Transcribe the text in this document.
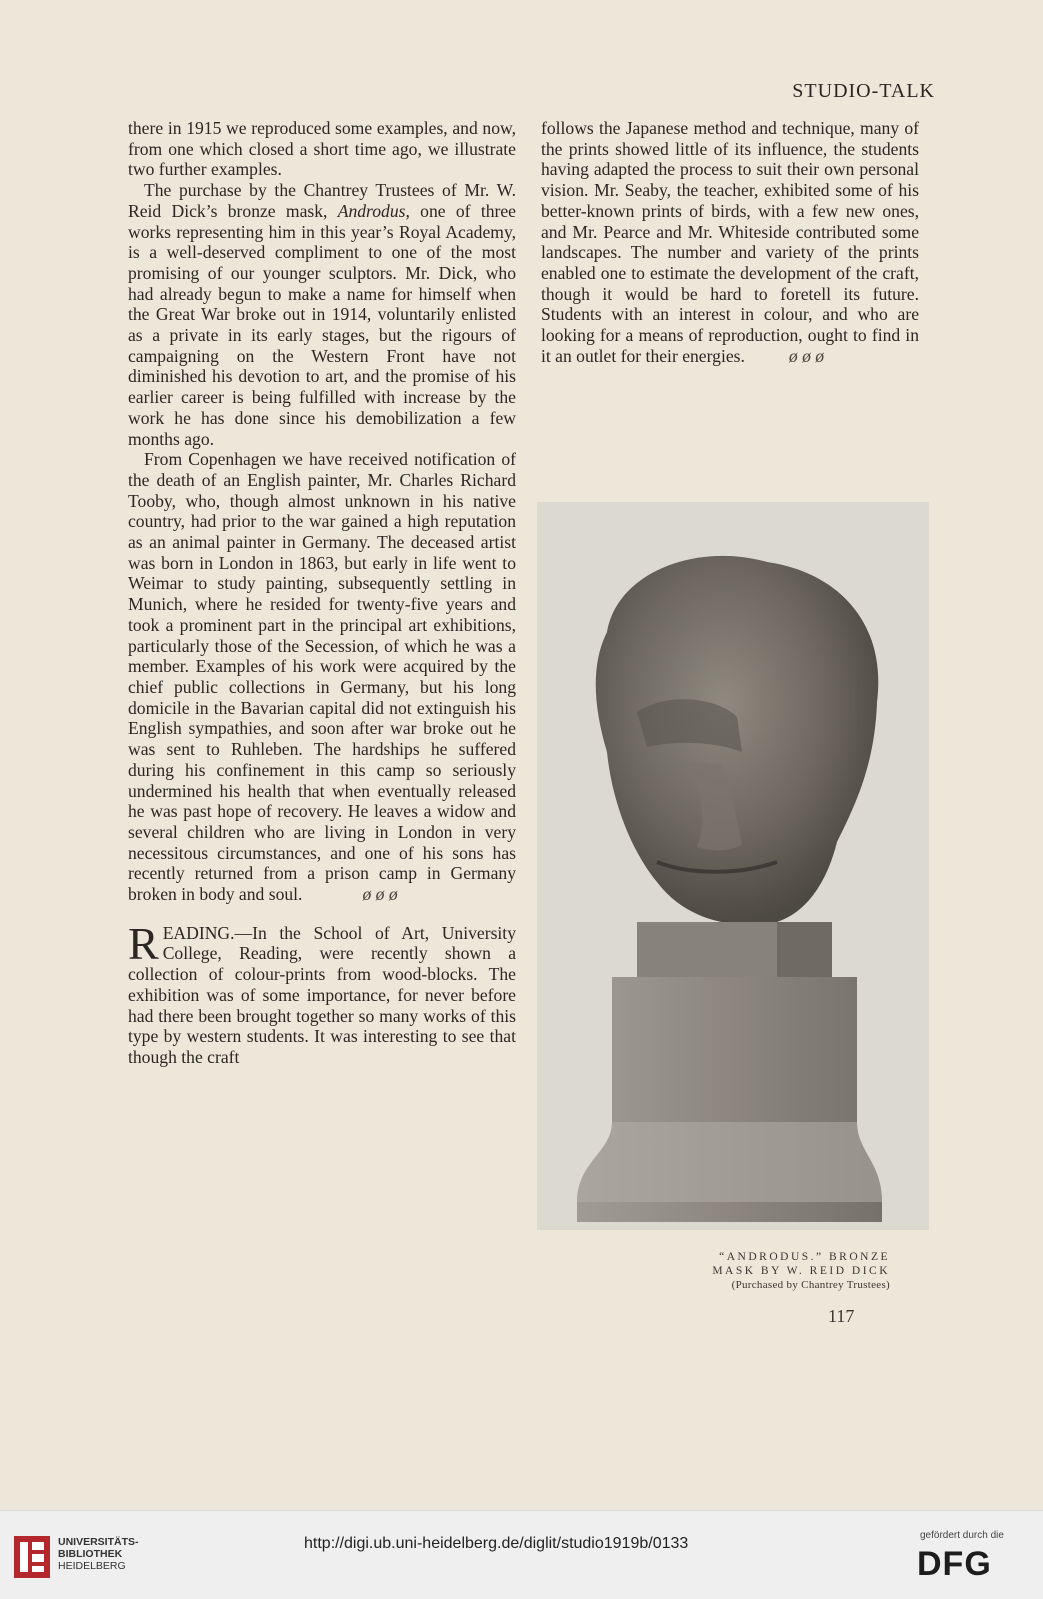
STUDIO-TALK

there in 1915 we reproduced some examples, and now, from one which closed a short time ago, we illustrate two further examples.

The purchase by the Chantrey Trustees of Mr. W. Reid Dick’s bronze mask, Androdus, one of three works representing him in this year’s Royal Academy, is a well-deserved compliment to one of the most promising of our younger sculptors. Mr. Dick, who had already begun to make a name for himself when the Great War broke out in 1914, voluntarily enlisted as a private in its early stages, but the rigours of campaigning on the Western Front have not diminished his devotion to art, and the promise of his earlier career is being fulfilled with increase by the work he has done since his demobilization a few months ago.

From Copenhagen we have received notification of the death of an English painter, Mr. Charles Richard Tooby, who, though almost unknown in his native country, had prior to the war gained a high reputation as an animal painter in Germany. The deceased artist was born in London in 1863, but early in life went to Weimar to study painting, subsequently settling in Munich, where he resided for twenty-five years and took a prominent part in the principal art exhibitions, particularly those of the Secession, of which he was a member. Examples of his work were acquired by the chief public collections in Germany, but his long domicile in the Bavarian capital did not extinguish his English sympathies, and soon after war broke out he was sent to Ruhleben. The hardships he suffered during his confinement in this camp so seriously undermined his health that when eventually released he was past hope of recovery. He leaves a widow and several children who are living in London in very necessitous circumstances, and one of his sons has recently returned from a prison camp in Germany broken in body and soul.	ø ø ø

READING.—In the School of Art, University College, Reading, were recently shown a collection of colour-prints from wood-blocks. The exhibition was of some importance, for never before had there been brought together so many works of this type by western students. It was interesting to see that though the craft

follows the Japanese method and technique, many of the prints showed little of its influence, the students having adapted the process to suit their own personal vision. Mr. Seaby, the teacher, exhibited some of his better-known prints of birds, with a few new ones, and Mr. Pearce and Mr. Whiteside contributed some landscapes. The number and variety of the prints enabled one to estimate the development of the craft, though it would be hard to foretell its future. Students with an interest in colour, and who are looking for a means of reproduction, ought to find in it an outlet for their energies.	ø ø ø

“ANDRODUS.” BRONZE
MASK BY W. REID DICK
(Purchased by Chantrey Trustees)
117
UNIVERSITÄTS-
BIBLIOTHEK
HEIDELBERG
http://digi.ub.uni-heidelberg.de/diglit/studio1919b/0133	gefördert durch die
DFG
